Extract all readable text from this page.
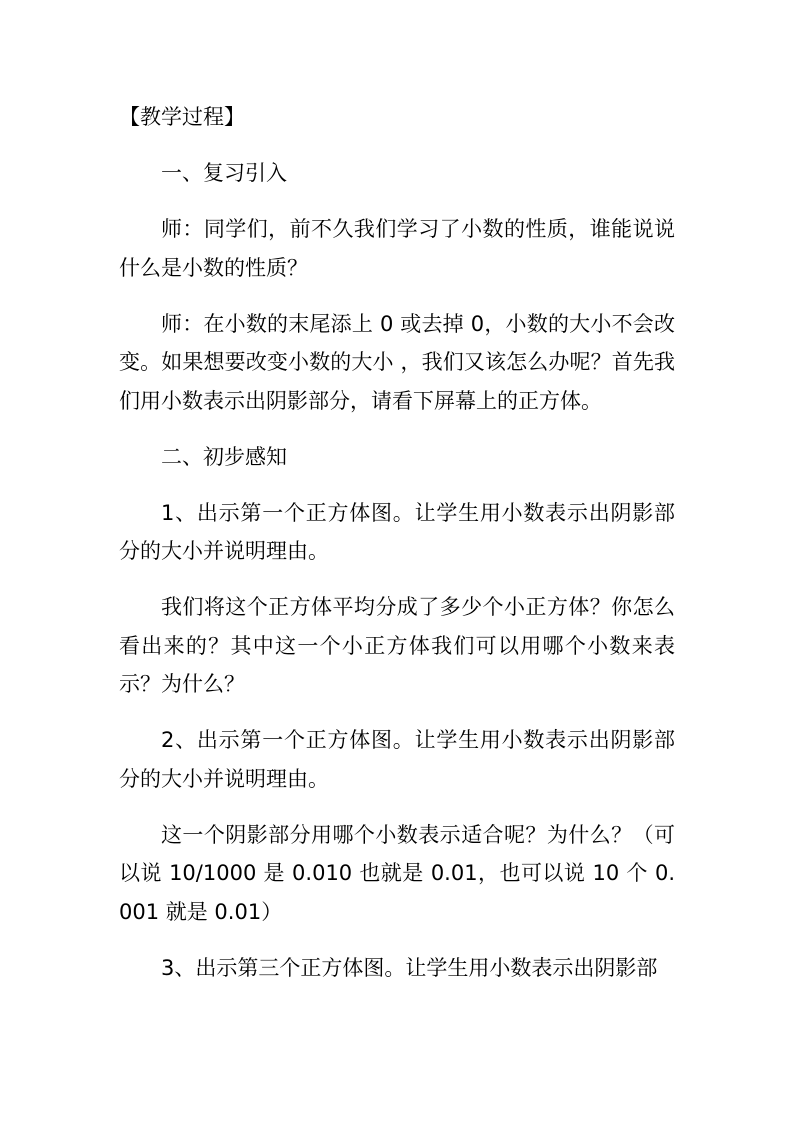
【教学过程】

一、复习引入

师：同学们，前不久我们学习了小数的性质，谁能说说什么是小数的性质？

师：在小数的末尾添上 0 或去掉 0，小数的大小不会改变。如果想要改变小数的大小 ，我们又该怎么办呢？首先我们用小数表示出阴影部分，请看下屏幕上的正方体。

二、初步感知

1、出示第一个正方体图。让学生用小数表示出阴影部分的大小并说明理由。

我们将这个正方体平均分成了多少个小正方体？你怎么看出来的？其中这一个小正方体我们可以用哪个小数来表示？为什么？

2、出示第一个正方体图。让学生用小数表示出阴影部分的大小并说明理由。

这一个阴影部分用哪个小数表示适合呢？为什么？（可以说 10/1000 是 0.010 也就是 0.01，也可以说 10 个 0.001 就是 0.01）

3、出示第三个正方体图。让学生用小数表示出阴影部
